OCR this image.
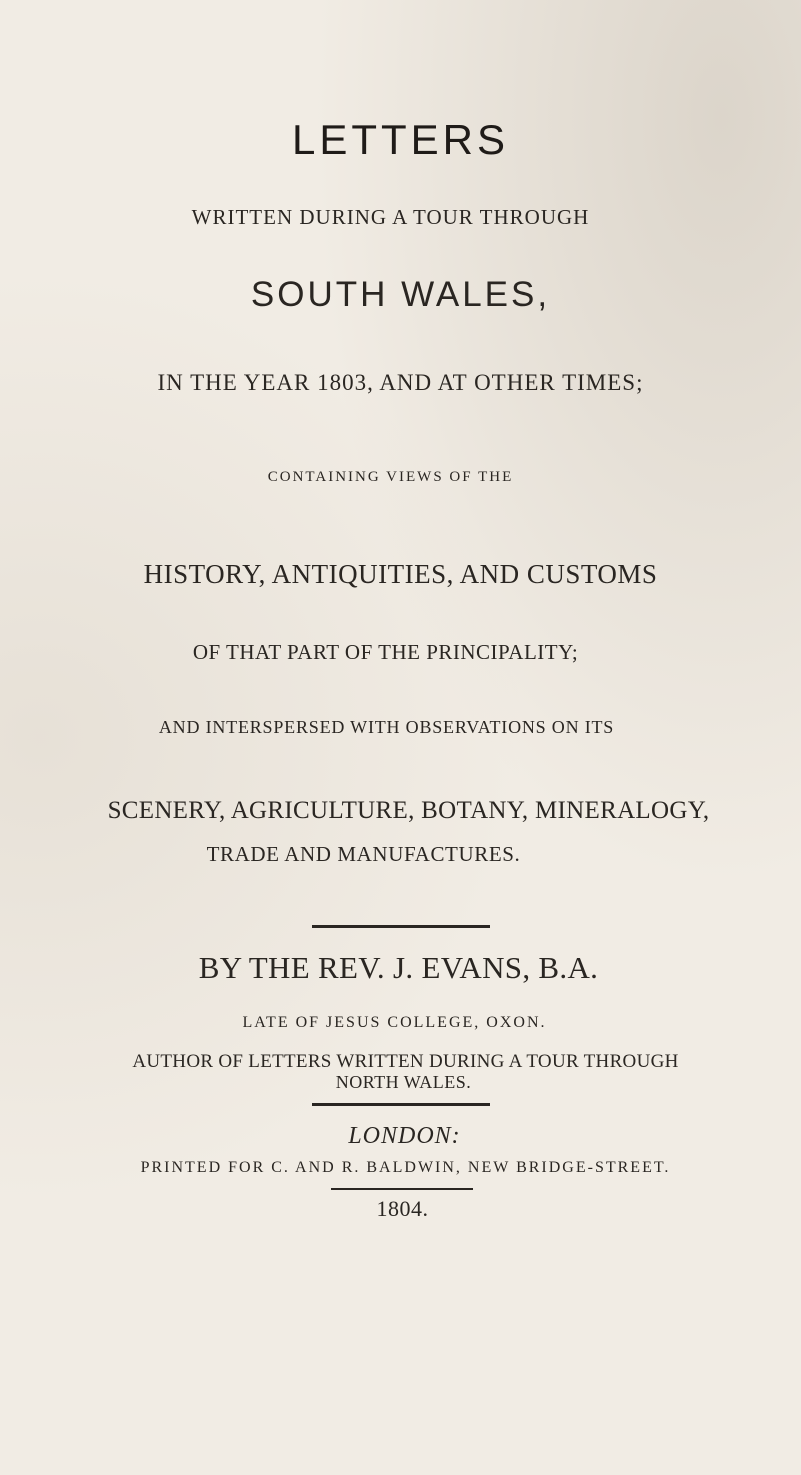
LETTERS
WRITTEN DURING A TOUR THROUGH
SOUTH WALES,
IN THE YEAR 1803, AND AT OTHER TIMES;
CONTAINING VIEWS OF THE
HISTORY, ANTIQUITIES, AND CUSTOMS
OF THAT PART OF THE PRINCIPALITY;
AND INTERSPERSED WITH OBSERVATIONS ON ITS
SCENERY, AGRICULTURE, BOTANY, MINERALOGY,
TRADE AND MANUFACTURES.
BY THE REV. J. EVANS, B.A.
LATE OF JESUS COLLEGE, OXON.
AUTHOR OF LETTERS WRITTEN DURING A TOUR THROUGH
NORTH WALES.
LONDON:
PRINTED FOR C. AND R. BALDWIN, NEW BRIDGE-STREET.
1804.
